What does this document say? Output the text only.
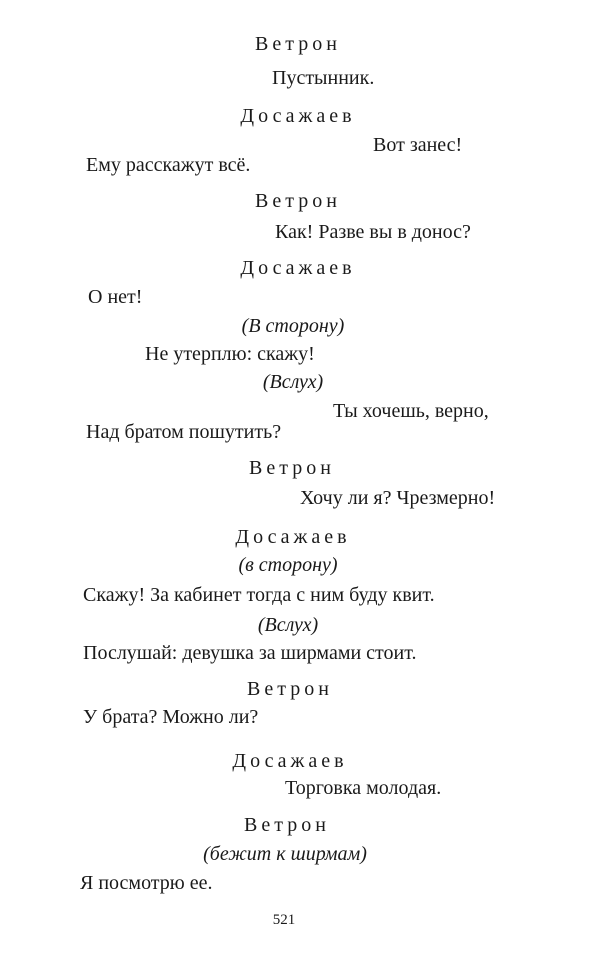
Ветрон
Пустынник.
Досажаев
Вот занес!
Ему расскажут всё.
Ветрон
Как! Разве вы в донос?
Досажаев
О нет!
(В сторону)
Не утерплю: скажу!
(Вслух)
Ты хочешь, верно,
Над братом пошутить?
Ветрон
Хочу ли я? Чрезмерно!
Досажаев
(в сторону)
Скажу! За кабинет тогда с ним буду квит.
(Вслух)
Послушай: девушка за ширмами стоит.
Ветрон
У брата? Можно ли?
Досажаев
Торговка молодая.
Ветрон
(бежит к ширмам)
Я посмотрю ее.
521
